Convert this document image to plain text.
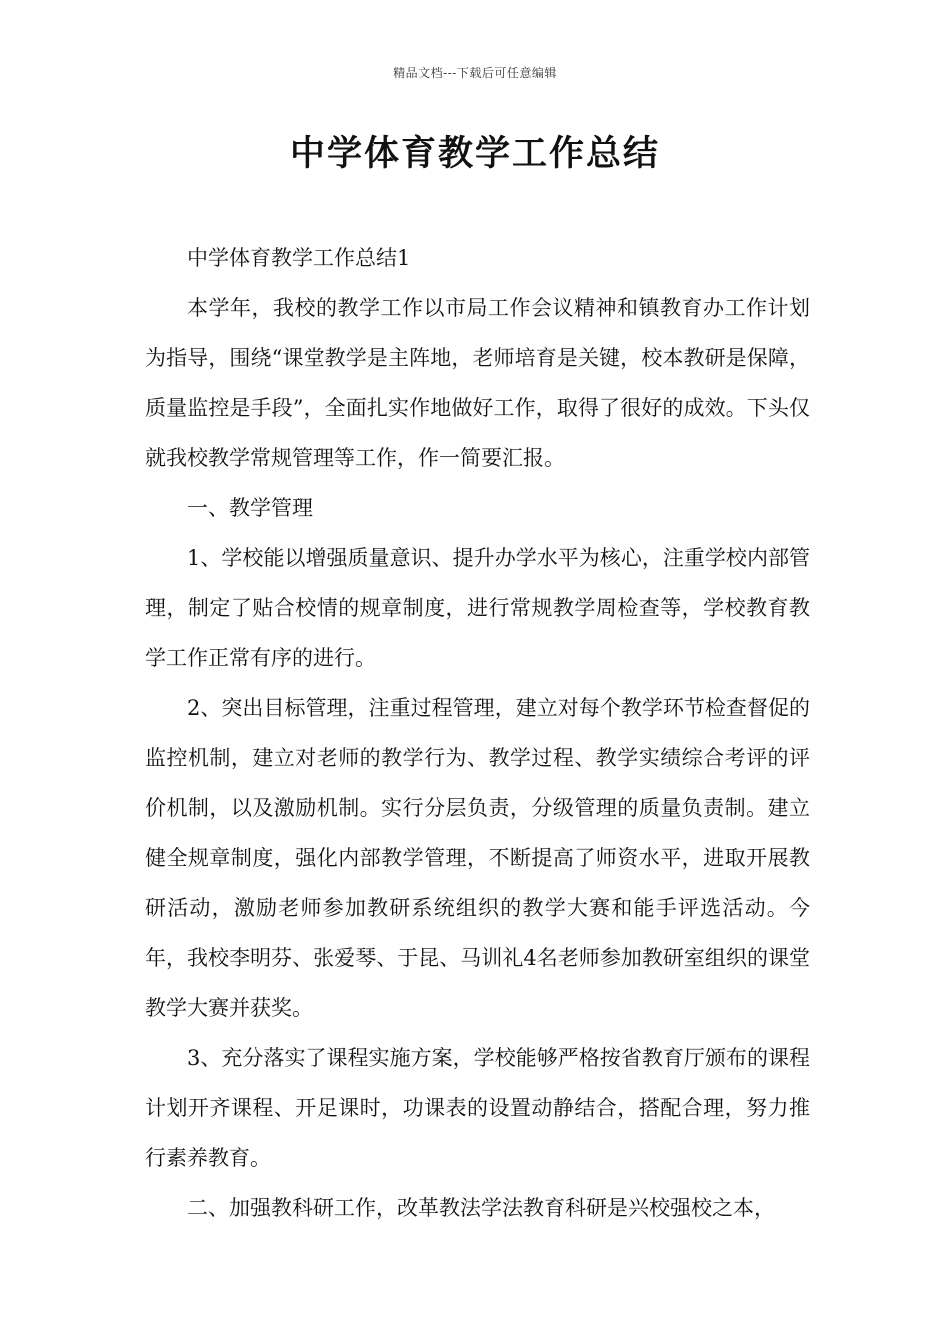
精品文档---下载后可任意编辑
中学体育教学工作总结

中学体育教学工作总结1

本学年，我校的教学工作以市局工作会议精神和镇教育办工作计划为指导，围绕“课堂教学是主阵地，老师培育是关键，校本教研是保障，质量监控是手段”，全面扎实作地做好工作，取得了很好的成效。下头仅就我校教学常规管理等工作，作一简要汇报。

一、教学管理

1、学校能以增强质量意识、提升办学水平为核心，注重学校内部管理，制定了贴合校情的规章制度，进行常规教学周检查等，学校教育教学工作正常有序的进行。

2、突出目标管理，注重过程管理，建立对每个教学环节检查督促的监控机制，建立对老师的教学行为、教学过程、教学实绩综合考评的评价机制，以及激励机制。实行分层负责，分级管理的质量负责制。建立健全规章制度，强化内部教学管理，不断提高了师资水平，进取开展教研活动，激励老师参加教研系统组织的教学大赛和能手评选活动。今年，我校李明芬、张爱琴、于昆、马训礼4名老师参加教研室组织的课堂教学大赛并获奖。

3、充分落实了课程实施方案，学校能够严格按省教育厅颁布的课程计划开齐课程、开足课时，功课表的设置动静结合，搭配合理，努力推行素养教育。

二、加强教科研工作，改革教法学法教育科研是兴校强校之本，
